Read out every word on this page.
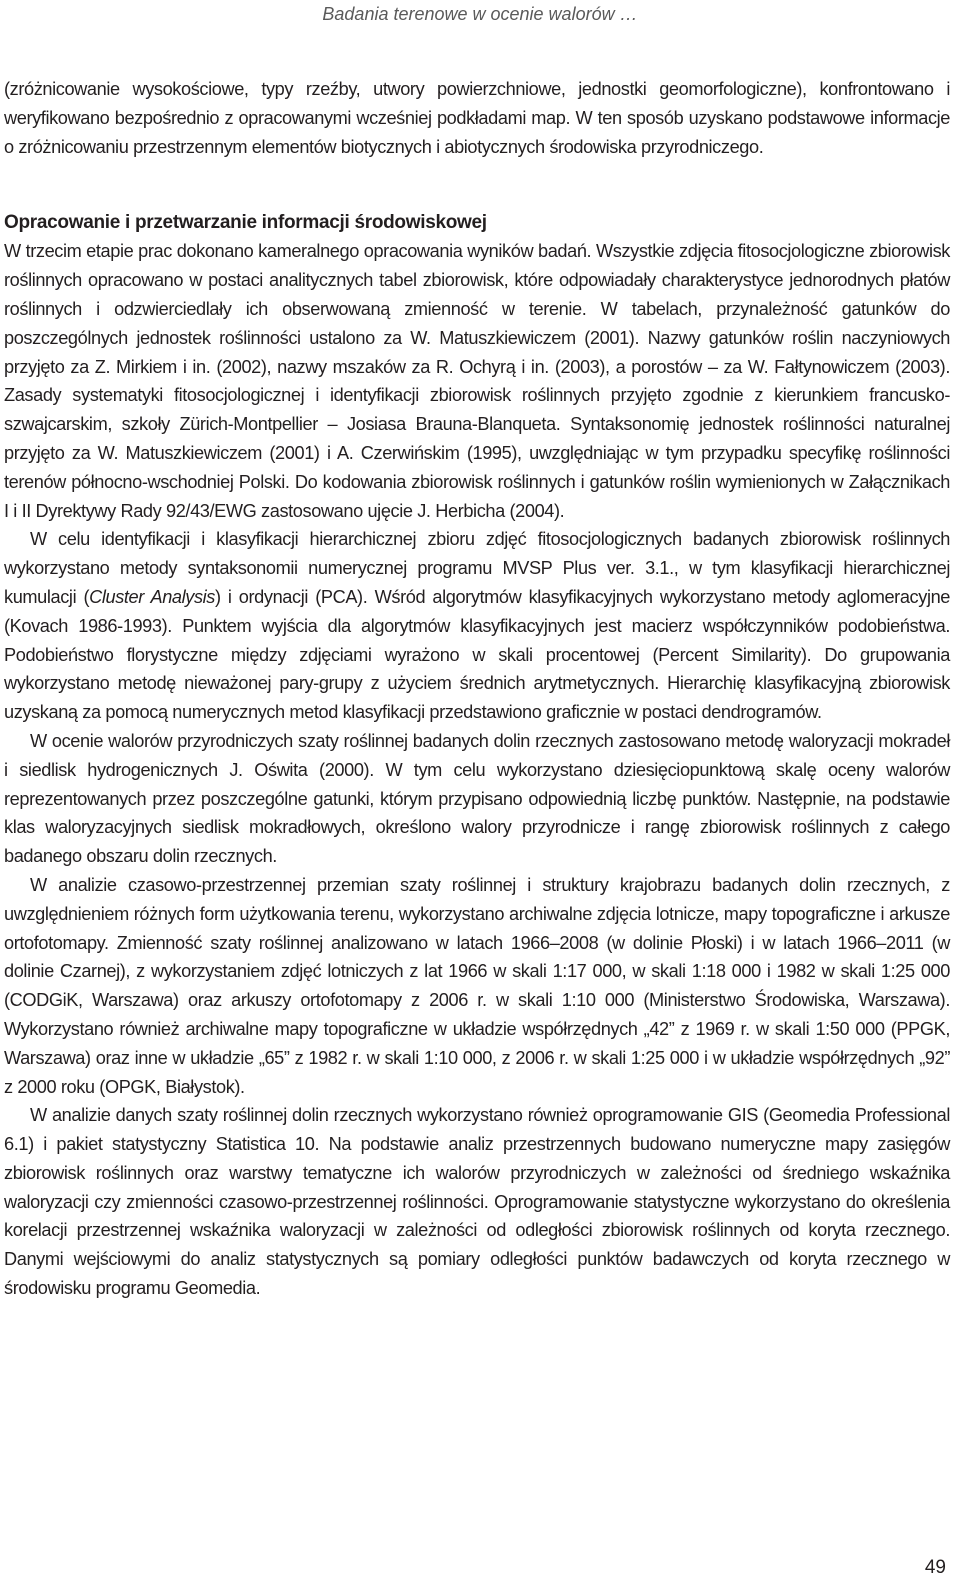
Badania terenowe w ocenie walorów …

(zróżnicowanie wysokościowe, typy rzeźby, utwory powierzchniowe, jednostki geomorfologiczne), konfrontowano i weryfikowano bezpośrednio z opracowanymi wcześniej podkładami map. W ten sposób uzyskano podstawowe informacje o zróżnicowaniu przestrzennym elementów biotycznych i abiotycznych środowiska przyrodniczego.

Opracowanie i przetwarzanie informacji środowiskowej

W trzecim etapie prac dokonano kameralnego opracowania wyników badań. Wszystkie zdjęcia fitosocjologiczne zbiorowisk roślinnych opracowano w postaci analitycznych tabel zbiorowisk, które odpowiadały charakterystyce jednorodnych płatów roślinnych i odzwierciedlały ich obserwowaną zmienność w terenie. W tabelach, przynależność gatunków do poszczególnych jednostek roślinności ustalono za W. Matuszkiewiczem (2001). Nazwy gatunków roślin naczyniowych przyjęto za Z. Mirkiem i in. (2002), nazwy mszaków za R. Ochyrą i in. (2003), a porostów – za W. Fałtynowiczem (2003). Zasady systematyki fitosocjologicznej i identyfikacji zbiorowisk roślinnych przyjęto zgodnie z kierunkiem francusko-szwajcarskim, szkoły Zürich-Montpellier – Josiasa Brauna-Blanqueta. Syntaksonomię jednostek roślinności naturalnej przyjęto za W. Matuszkiewiczem (2001) i A. Czerwińskim (1995), uwzględniając w tym przypadku specyfikę roślinności terenów północno-wschodniej Polski. Do kodowania zbiorowisk roślinnych i gatunków roślin wymienionych w Załącznikach I i II Dyrektywy Rady 92/43/EWG zastosowano ujęcie J. Herbicha (2004).

W celu identyfikacji i klasyfikacji hierarchicznej zbioru zdjęć fitosocjologicznych badanych zbiorowisk roślinnych wykorzystano metody syntaksonomii numerycznej programu MVSP Plus ver. 3.1., w tym klasyfikacji hierarchicznej kumulacji (Cluster Analysis) i ordynacji (PCA). Wśród algorytmów klasyfikacyjnych wykorzystano metody aglomeracyjne (Kovach 1986-1993). Punktem wyjścia dla algorytmów klasyfikacyjnych jest macierz współczynników podobieństwa. Podobieństwo florystyczne między zdjęciami wyrażono w skali procentowej (Percent Similarity). Do grupowania wykorzystano metodę nieważonej pary-grupy z użyciem średnich arytmetycznych. Hierarchię klasyfikacyjną zbiorowisk uzyskaną za pomocą numerycznych metod klasyfikacji przedstawiono graficznie w postaci dendrogramów.

W ocenie walorów przyrodniczych szaty roślinnej badanych dolin rzecznych zastosowano metodę waloryzacji mokradeł i siedlisk hydrogenicznych J. Oświta (2000). W tym celu wykorzystano dziesięciopunktową skalę oceny walorów reprezentowanych przez poszczególne gatunki, którym przypisano odpowiednią liczbę punktów. Następnie, na podstawie klas waloryzacyjnych siedlisk mokradłowych, określono walory przyrodnicze i rangę zbiorowisk roślinnych z całego badanego obszaru dolin rzecznych.

W analizie czasowo-przestrzennej przemian szaty roślinnej i struktury krajobrazu badanych dolin rzecznych, z uwzględnieniem różnych form użytkowania terenu, wykorzystano archiwalne zdjęcia lotnicze, mapy topograficzne i arkusze ortofotomapy. Zmienność szaty roślinnej analizowano w latach 1966–2008 (w dolinie Płoski) i w latach 1966–2011 (w dolinie Czarnej), z wykorzystaniem zdjęć lotniczych z lat 1966 w skali 1:17 000, w skali 1:18 000 i 1982 w skali 1:25 000 (CODGiK, Warszawa) oraz arkuszy ortofotomapy z 2006 r. w skali 1:10 000 (Ministerstwo Środowiska, Warszawa). Wykorzystano również archiwalne mapy topograficzne w układzie współrzędnych „42” z 1969 r. w skali 1:50 000 (PPGK, Warszawa) oraz inne w układzie „65” z 1982 r. w skali 1:10 000, z 2006 r. w skali 1:25 000 i w układzie współrzędnych „92” z 2000 roku (OPGK, Białystok).

W analizie danych szaty roślinnej dolin rzecznych wykorzystano również oprogramowanie GIS (Geomedia Professional 6.1) i pakiet statystyczny Statistica 10. Na podstawie analiz przestrzennych budowano numeryczne mapy zasięgów zbiorowisk roślinnych oraz warstwy tematyczne ich walorów przyrodniczych w zależności od średniego wskaźnika waloryzacji czy zmienności czasowo-przestrzennej roślinności. Oprogramowanie statystyczne wykorzystano do określenia korelacji przestrzennej wskaźnika waloryzacji w zależności od odległości zbiorowisk roślinnych od koryta rzecznego. Danymi wejściowymi do analiz statystycznych są pomiary odległości punktów badawczych od koryta rzecznego w środowisku programu Geomedia.

49
